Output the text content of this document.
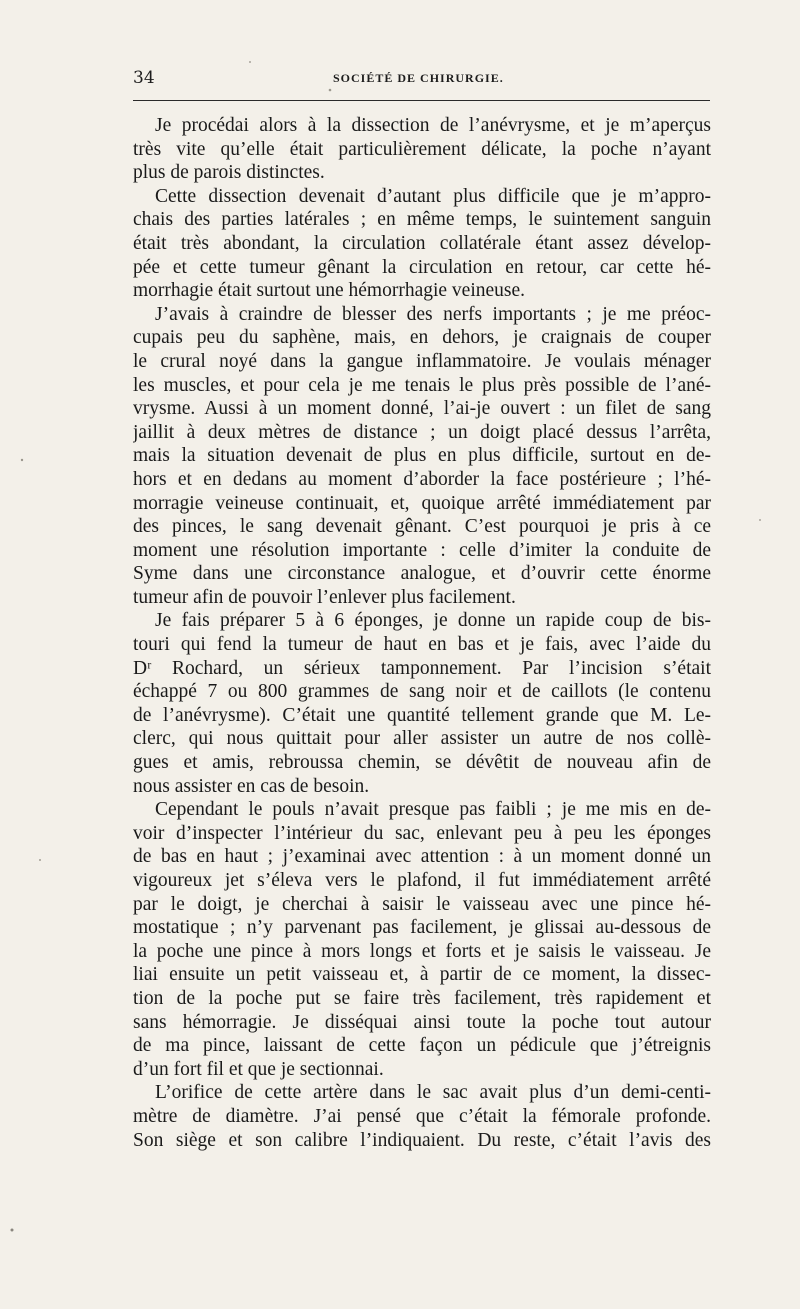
34	SOCIÉTÉ DE CHIRURGIE.

Je procédai alors à la dissection de l’anévrysme, et je m’aperçus
très vite qu’elle était particulièrement délicate, la poche n’ayant
plus de parois distinctes.

Cette dissection devenait d’autant plus difficile que je m’appro-
chais des parties latérales ; en même temps, le suintement sanguin
était très abondant, la circulation collatérale étant assez dévelop-
pée et cette tumeur gênant la circulation en retour, car cette hé-
morrhagie était surtout une hémorrhagie veineuse.

J’avais à craindre de blesser des nerfs importants ; je me préoc-
cupais peu du saphène, mais, en dehors, je craignais de couper
le crural noyé dans la gangue inflammatoire. Je voulais ménager
les muscles, et pour cela je me tenais le plus près possible de l’ané-
vrysme. Aussi à un moment donné, l’ai-je ouvert : un filet de sang
jaillit à deux mètres de distance ; un doigt placé dessus l’arrêta,
mais la situation devenait de plus en plus difficile, surtout en de-
hors et en dedans au moment d’aborder la face postérieure ; l’hé-
morragie veineuse continuait, et, quoique arrêté immédiatement par
des pinces, le sang devenait gênant. C’est pourquoi je pris à ce
moment une résolution importante : celle d’imiter la conduite de
Syme dans une circonstance analogue, et d’ouvrir cette énorme
tumeur afin de pouvoir l’enlever plus facilement.

Je fais préparer 5 à 6 éponges, je donne un rapide coup de bis-
touri qui fend la tumeur de haut en bas et je fais, avec l’aide du
Dʳ Rochard, un sérieux tamponnement. Par l’incision s’était
échappé 7 ou 800 grammes de sang noir et de caillots (le contenu
de l’anévrysme). C’était une quantité tellement grande que M. Le-
clerc, qui nous quittait pour aller assister un autre de nos collè-
gues et amis, rebroussa chemin, se dévêtit de nouveau afin de
nous assister en cas de besoin.

Cependant le pouls n’avait presque pas faibli ; je me mis en de-
voir d’inspecter l’intérieur du sac, enlevant peu à peu les éponges
de bas en haut ; j’examinai avec attention : à un moment donné un
vigoureux jet s’éleva vers le plafond, il fut immédiatement arrêté
par le doigt, je cherchai à saisir le vaisseau avec une pince hé-
mostatique ; n’y parvenant pas facilement, je glissai au-dessous de
la poche une pince à mors longs et forts et je saisis le vaisseau. Je
liai ensuite un petit vaisseau et, à partir de ce moment, la dissec-
tion de la poche put se faire très facilement, très rapidement et
sans hémorragie. Je disséquai ainsi toute la poche tout autour
de ma pince, laissant de cette façon un pédicule que j’étreignis
d’un fort fil et que je sectionnai.

L’orifice de cette artère dans le sac avait plus d’un demi-centi-
mètre de diamètre. J’ai pensé que c’était la fémorale profonde.
Son siège et son calibre l’indiquaient. Du reste, c’était l’avis des
